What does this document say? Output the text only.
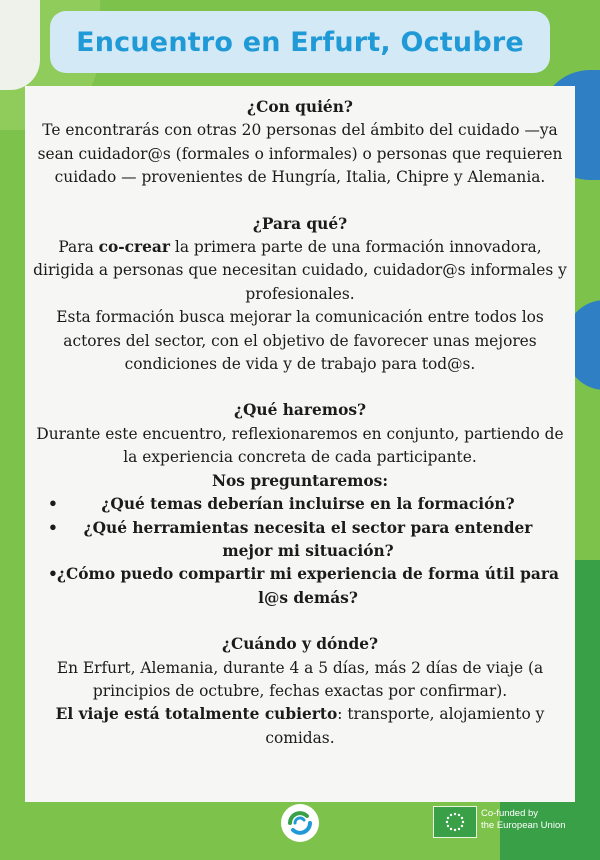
Encuentro en Erfurt, Octubre

¿Con quién?

Te encontrarás con otras 20 personas del ámbito del cuidado —ya sean cuidador@s (formales o informales) o personas que requieren cuidado — provenientes de Hungría, Italia, Chipre y Alemania.

¿Para qué?

Para co-crear la primera parte de una formación innovadora, dirigida a personas que necesitan cuidado, cuidador@s informales y profesionales.

Esta formación busca mejorar la comunicación entre todos los actores del sector, con el objetivo de favorecer unas mejores condiciones de vida y de trabajo para tod@s.

¿Qué haremos?

Durante este encuentro, reflexionaremos en conjunto, partiendo de la experiencia concreta de cada participante.

Nos preguntaremos:

•	¿Qué temas deberían incluirse en la formación?
• ¿Qué herramientas necesita el sector para entender mejor mi situación?
• ¿Cómo puedo compartir mi experiencia de forma útil para l@s demás?

¿Cuándo y dónde?

En Erfurt, Alemania, durante 4 a 5 días, más 2 días de viaje (a principios de octubre, fechas exactas por confirmar).

El viaje está totalmente cubierto: transporte, alojamiento y comidas.

Co-funded by
the European Union
